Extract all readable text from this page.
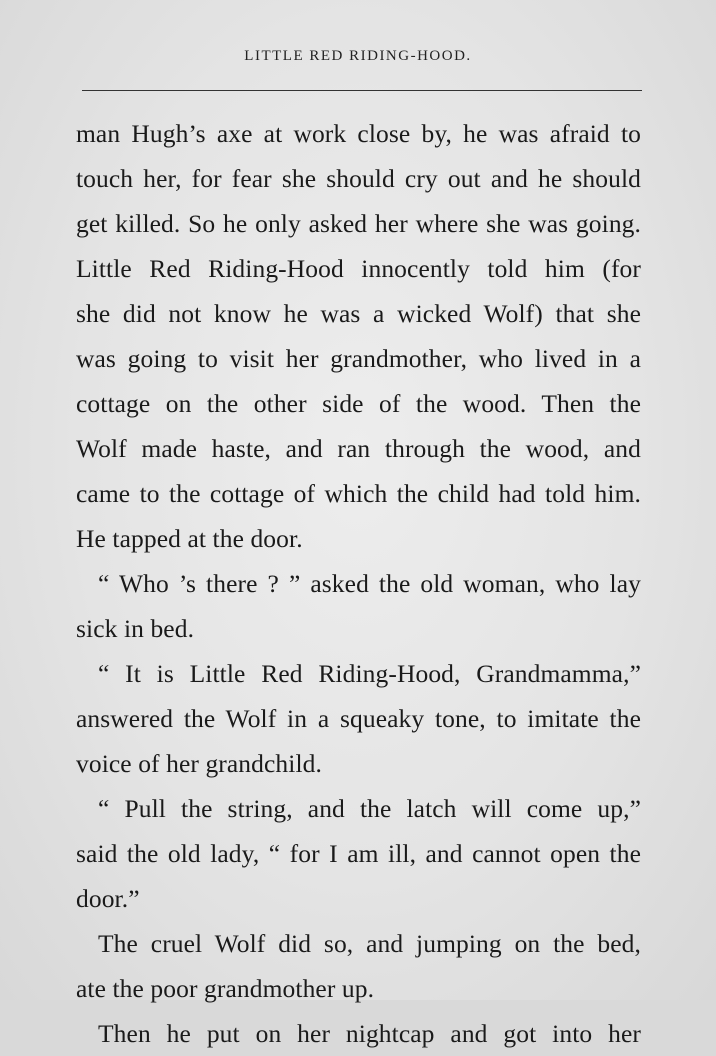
LITTLE RED RIDING-HOOD.
man Hugh’s axe at work close by, he was afraid to
touch her, for fear she should cry out and he should
get killed. So he only asked her where she was going.
Little Red Riding-Hood innocently told him (for
she did not know he was a wicked Wolf) that she
was going to visit her grandmother, who lived in a
cottage on the other side of the wood. Then the
Wolf made haste, and ran through the wood, and
came to the cottage of which the child had told him.
He tapped at the door.
“ Who ’s there ? ” asked the old woman, who lay
sick in bed.
“ It is Little Red Riding-Hood, Grandmamma,”
answered the Wolf in a squeaky tone, to imitate the
voice of her grandchild.
“ Pull the string, and the latch will come up,”
said the old lady, “ for I am ill, and cannot open the
door.”
The cruel Wolf did so, and jumping on the bed,
ate the poor grandmother up.
Then he put on her nightcap and got into her
